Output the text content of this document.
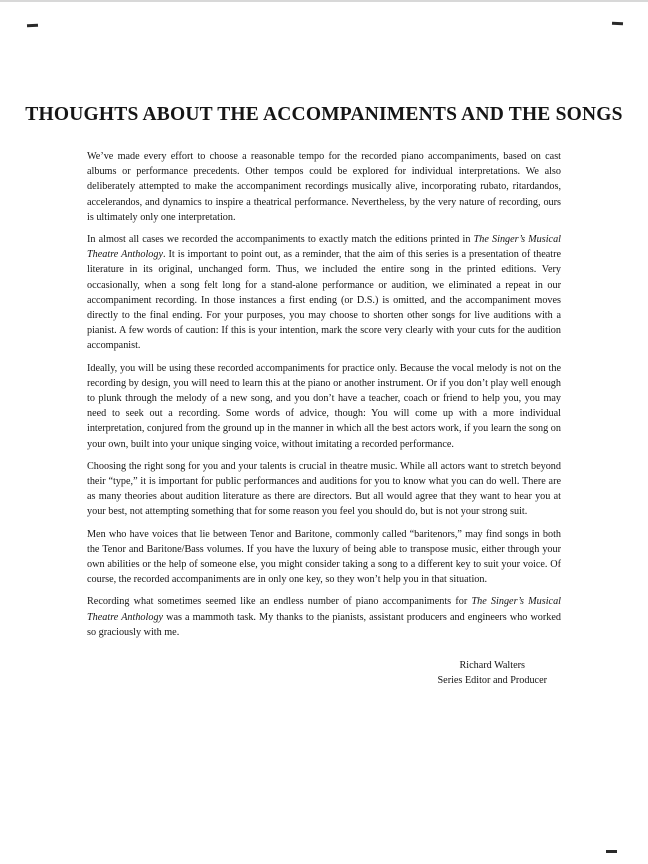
THOUGHTS ABOUT THE ACCOMPANIMENTS AND THE SONGS

We’ve made every effort to choose a reasonable tempo for the recorded piano accompaniments, based on cast albums or performance precedents. Other tempos could be explored for individual interpretations. We also deliberately attempted to make the accompaniment recordings musically alive, incorporating rubato, ritardandos, accelerandos, and dynamics to inspire a theatrical performance. Nevertheless, by the very nature of recording, ours is ultimately only one interpretation.

In almost all cases we recorded the accompaniments to exactly match the editions printed in The Singer’s Musical Theatre Anthology. It is important to point out, as a reminder, that the aim of this series is a presentation of theatre literature in its original, unchanged form. Thus, we included the entire song in the printed editions. Very occasionally, when a song felt long for a stand-alone performance or audition, we eliminated a repeat in our accompaniment recording. In those instances a first ending (or D.S.) is omitted, and the accompaniment moves directly to the final ending. For your purposes, you may choose to shorten other songs for live auditions with a pianist. A few words of caution: If this is your intention, mark the score very clearly with your cuts for the audition accompanist.

Ideally, you will be using these recorded accompaniments for practice only. Because the vocal melody is not on the recording by design, you will need to learn this at the piano or another instrument. Or if you don’t play well enough to plunk through the melody of a new song, and you don’t have a teacher, coach or friend to help you, you may need to seek out a recording. Some words of advice, though: You will come up with a more individual interpretation, conjured from the ground up in the manner in which all the best actors work, if you learn the song on your own, built into your unique singing voice, without imitating a recorded performance.

Choosing the right song for you and your talents is crucial in theatre music. While all actors want to stretch beyond their “type,” it is important for public performances and auditions for you to know what you can do well. There are as many theories about audition literature as there are directors. But all would agree that they want to hear you at your best, not attempting something that for some reason you feel you should do, but is not your strong suit.

Men who have voices that lie between Tenor and Baritone, commonly called “baritenors,” may find songs in both the Tenor and Baritone/Bass volumes. If you have the luxury of being able to transpose music, either through your own abilities or the help of someone else, you might consider taking a song to a different key to suit your voice. Of course, the recorded accompaniments are in only one key, so they won’t help you in that situation.

Recording what sometimes seemed like an endless number of piano accompaniments for The Singer’s Musical Theatre Anthology was a mammoth task. My thanks to the pianists, assistant producers and engineers who worked so graciously with me.

Richard Walters
Series Editor and Producer
